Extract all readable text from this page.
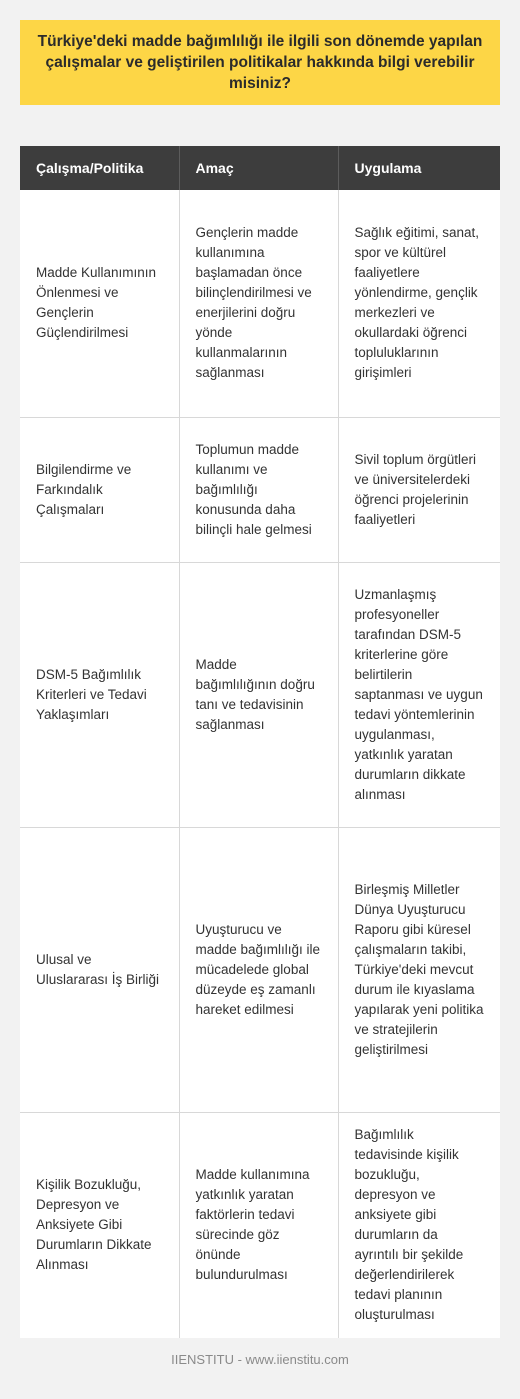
Türkiye'deki madde bağımlılığı ile ilgili son dönemde yapılan çalışmalar ve geliştirilen politikalar hakkında bilgi verebilir misiniz?

Çalışma/Politika	Amaç	Uygulama
Madde Kullanımının Önlenmesi ve Gençlerin Güçlendirilmesi	Gençlerin madde kullanımına başlamadan önce bilinçlendirilmesi ve enerjilerini doğru yönde kullanmalarının sağlanması	Sağlık eğitimi, sanat, spor ve kültürel faaliyetlere yönlendirme, gençlik merkezleri ve okullardaki öğrenci topluluklarının girişimleri
Bilgilendirme ve Farkındalık Çalışmaları	Toplumun madde kullanımı ve bağımlılığı konusunda daha bilinçli hale gelmesi	Sivil toplum örgütleri ve üniversitelerdeki öğrenci projelerinin faaliyetleri
DSM-5 Bağımlılık Kriterleri ve Tedavi Yaklaşımları	Madde bağımlılığının doğru tanı ve tedavisinin sağlanması	Uzmanlaşmış profesyoneller tarafından DSM-5 kriterlerine göre belirtilerin saptanması ve uygun tedavi yöntemlerinin uygulanması, yatkınlık yaratan durumların dikkate alınması
Ulusal ve Uluslararası İş Birliği	Uyuşturucu ve madde bağımlılığı ile mücadelede global düzeyde eş zamanlı hareket edilmesi	Birleşmiş Milletler Dünya Uyuşturucu Raporu gibi küresel çalışmaların takibi, Türkiye'deki mevcut durum ile kıyaslama yapılarak yeni politika ve stratejilerin geliştirilmesi
Kişilik Bozukluğu, Depresyon ve Anksiyete Gibi Durumların Dikkate Alınması	Madde kullanımına yatkınlık yaratan faktörlerin tedavi sürecinde göz önünde bulundurulması	Bağımlılık tedavisinde kişilik bozukluğu, depresyon ve anksiyete gibi durumların da ayrıntılı bir şekilde değerlendirilerek tedavi planının oluşturulması
IIENSTITU - www.iienstitu.com
